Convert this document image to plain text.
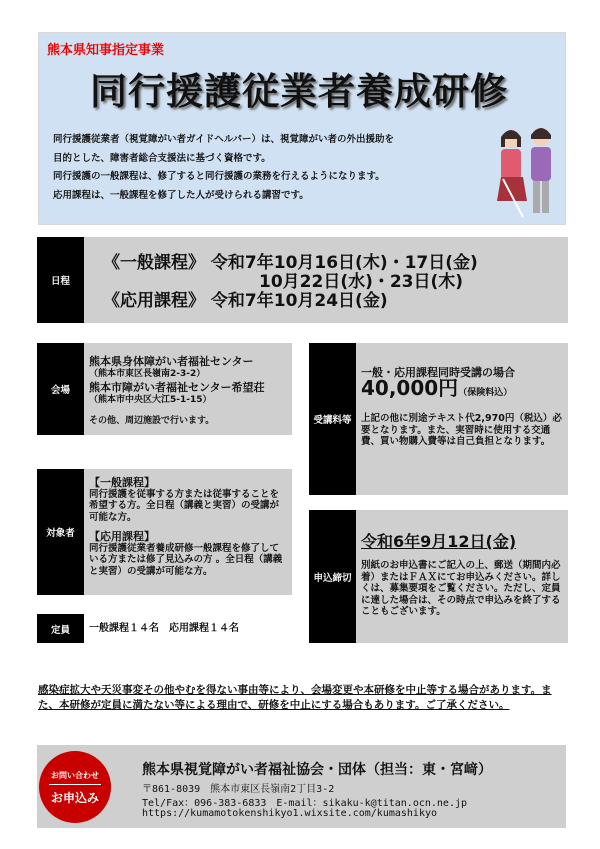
熊本県知事指定事業
同行援護従業者養成研修
同行援護従業者（視覚障がい者ガイドヘルパー）は、視覚障がい者の外出援助を
目的とした、障害者総合支援法に基づく資格です。
同行援護の一般課程は、修了すると同行援護の業務を行えるようになります。
応用課程は、一般課程を修了した人が受けられる講習です。
日程
《一般課程》 令和7年10月16日(木)・17日(金)
10月22日(水)・23日(木)
《応用課程》 令和7年10月24日(金)
会場
熊本県身体障がい者福祉センター
（熊本市東区長嶺南2-3-2）
熊本市障がい者福祉センター希望荘
（熊本市中央区大江5-1-15）
その他、周辺施設で行います。	受講料等
一般・応用課程同時受講の場合
40,000円（保険料込）
上記の他に別途テキスト代2,970円（税込）必要となります。また、実習時に使用する交通費、買い物購入費等は自己負担となります。
対象者
【一般課程】
同行援護を従事する方または従事することを希望する方。全日程（講義と実習）の受講が可能な方。
【応用課程】
同行援護従業者養成研修一般課程を修了している方または修了見込みの方 。全日程（講義と実習）の受講が可能な方。
申込締切
令和6年9月12日(金)
別紙のお申込書にご記入の上、郵送（期間内必着）またはＦＡＸにてお申込みください。詳しくは、募集要項をご覧ください。ただし、定員に達した場合は、その時点で申込みを終了することもございます。
定員	一般課程１４名　応用課程１４名
感染症拡大や天災事変その他やむを得ない事由等により、会場変更や本研修を中止等する場合があります。また、本研修が定員に満たない等による理由で、研修を中止にする場合もあります。ご了承ください。
お問い合わせ
お申込み
熊本県視覚障がい者福祉協会・団体（担当：東・宮﨑）
〒861-8039　熊本市東区長嶺南2丁目3-2
Tel/Fax：096-383-6833　E-mail：sikaku-k@titan.ocn.ne.jp
https://kumamotokenshikyo1.wixsite.com/kumashikyo
